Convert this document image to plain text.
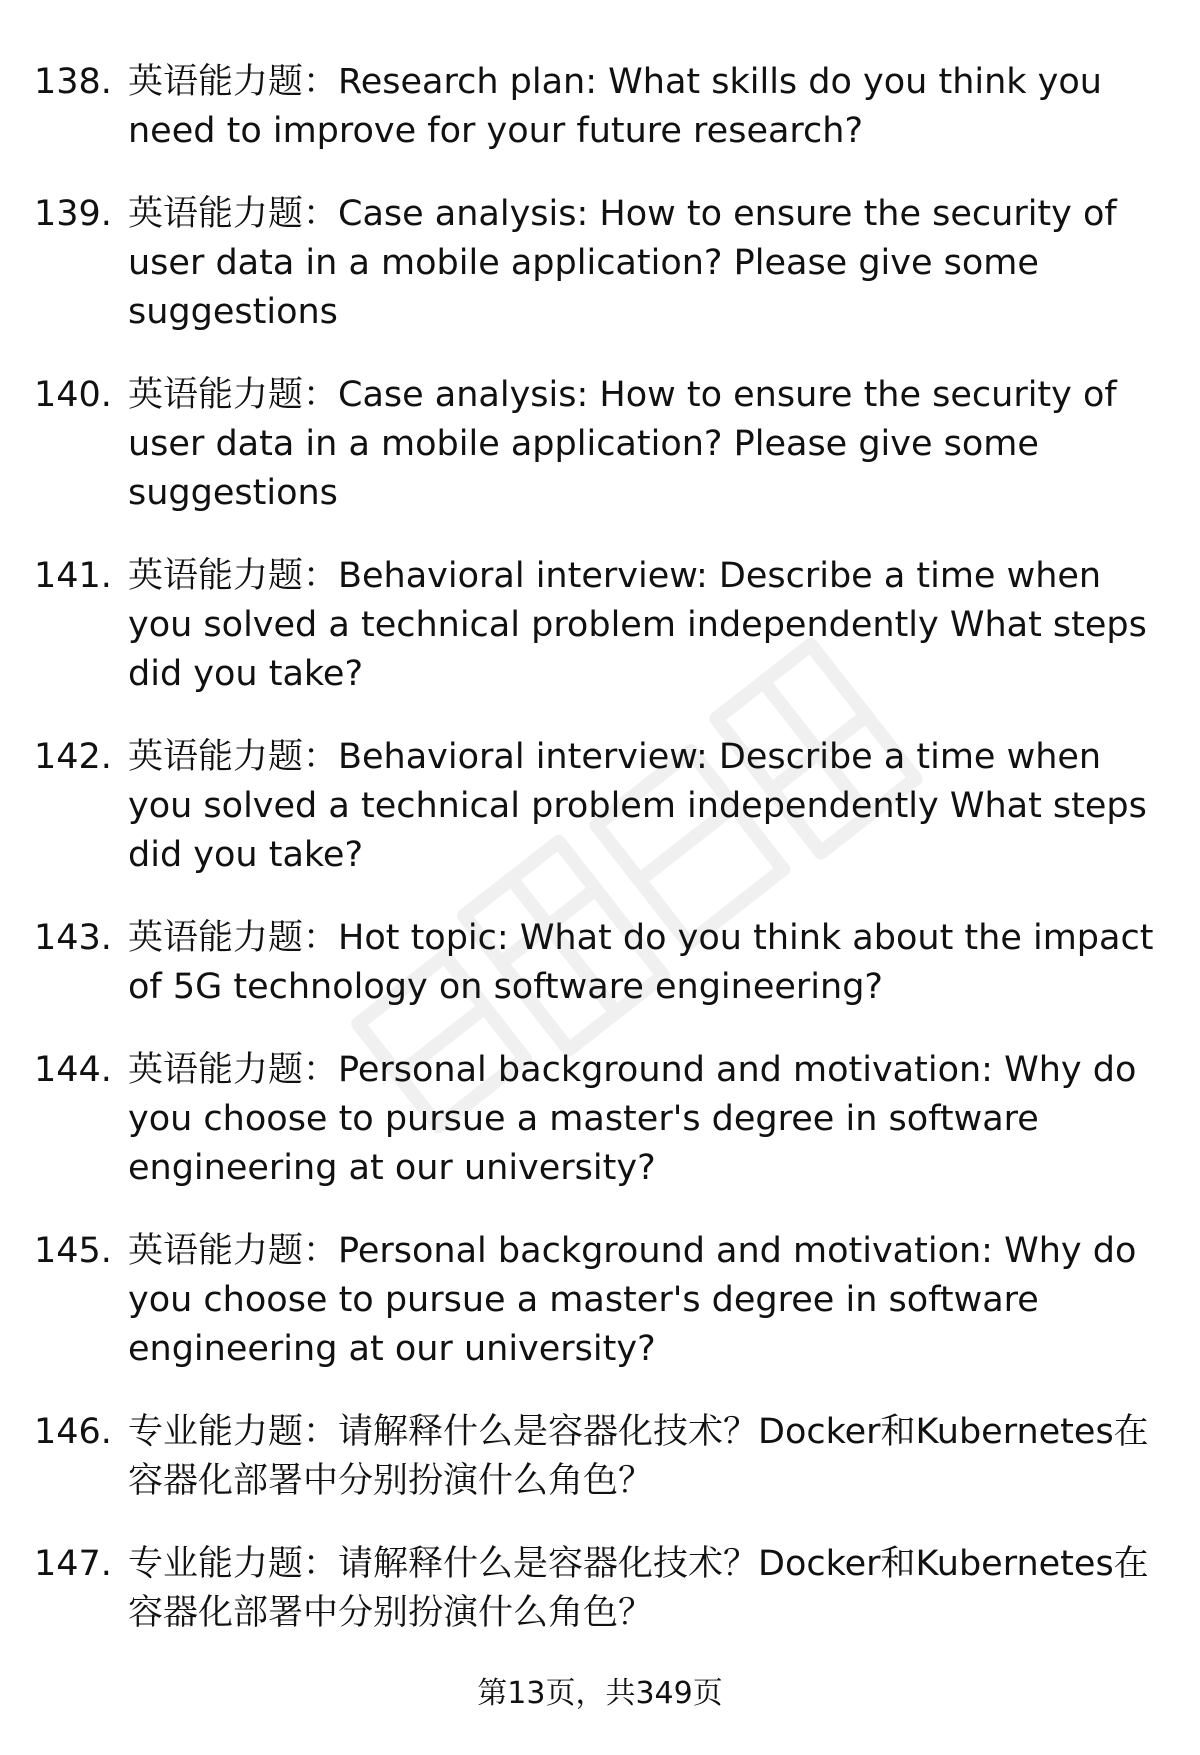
138. 英语能力题：Research plan: What skills do you think you need to improve for your future research?
139. 英语能力题：Case analysis: How to ensure the security of user data in a mobile application? Please give some suggestions
140. 英语能力题：Case analysis: How to ensure the security of user data in a mobile application? Please give some suggestions
141. 英语能力题：Behavioral interview: Describe a time when you solved a technical problem independently What steps did you take?
142. 英语能力题：Behavioral interview: Describe a time when you solved a technical problem independently What steps did you take?
143. 英语能力题：Hot topic: What do you think about the impact of 5G technology on software engineering?
144. 英语能力题：Personal background and motivation: Why do you choose to pursue a master's degree in software engineering at our university?
145. 英语能力题：Personal background and motivation: Why do you choose to pursue a master's degree in software engineering at our university?
146. 专业能力题：请解释什么是容器化技术？Docker和Kubernetes在容器化部署中分别扮演什么角色？
147. 专业能力题：请解释什么是容器化技术？Docker和Kubernetes在容器化部署中分别扮演什么角色？
第13页，共349页
